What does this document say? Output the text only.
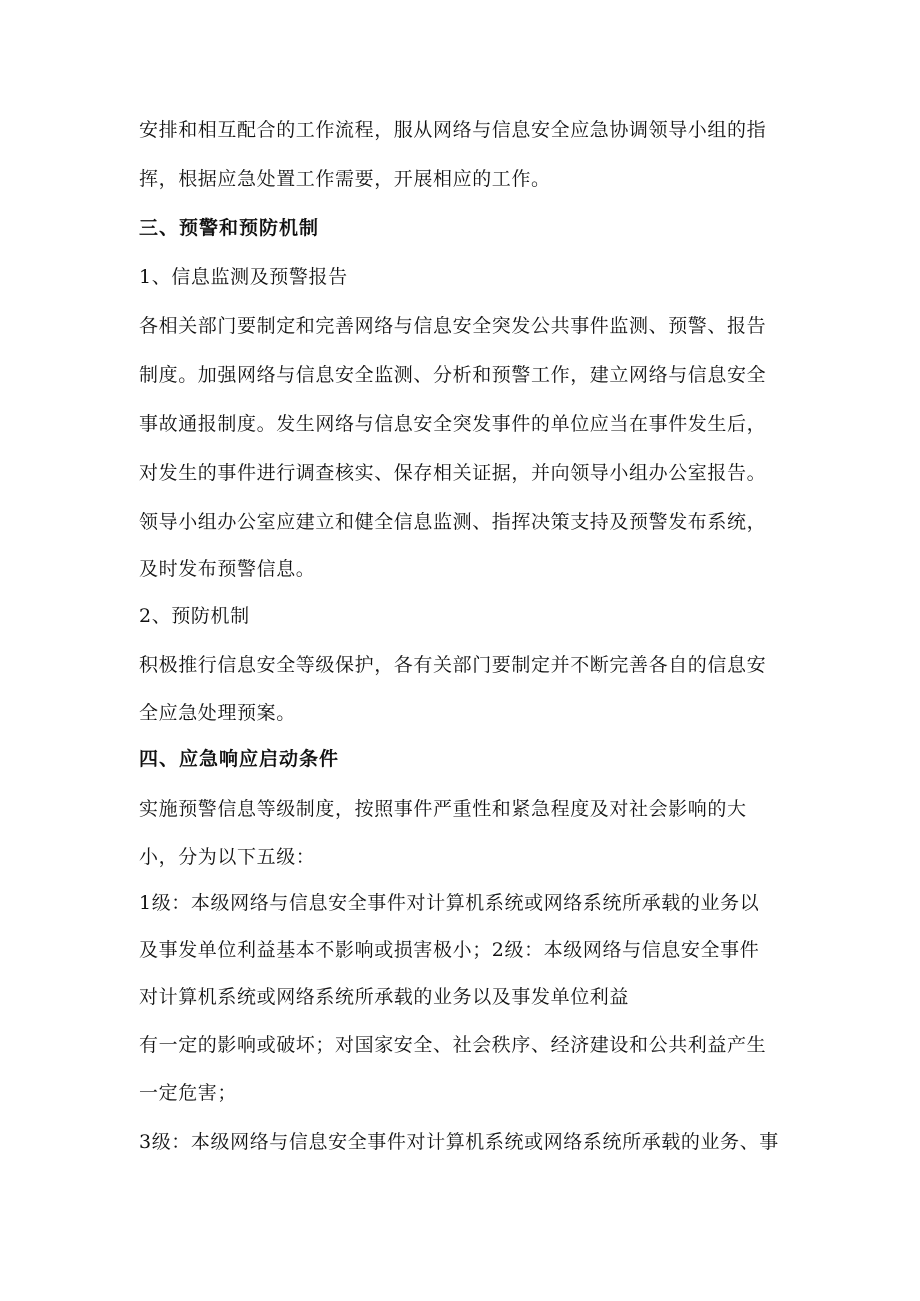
安排和相互配合的工作流程，服从网络与信息安全应急协调领导小组的指
挥，根据应急处置工作需要，开展相应的工作。
三、预警和预防机制
1、信息监测及预警报告
各相关部门要制定和完善网络与信息安全突发公共事件监测、预警、报告
制度。加强网络与信息安全监测、分析和预警工作，建立网络与信息安全
事故通报制度。发生网络与信息安全突发事件的单位应当在事件发生后，
对发生的事件进行调查核实、保存相关证据，并向领导小组办公室报告。
领导小组办公室应建立和健全信息监测、指挥决策支持及预警发布系统，
及时发布预警信息。
2、预防机制
积极推行信息安全等级保护，各有关部门要制定并不断完善各自的信息安
全应急处理预案。
四、应急响应启动条件
实施预警信息等级制度，按照事件严重性和紧急程度及对社会影响的大
小，分为以下五级：
1级：本级网络与信息安全事件对计算机系统或网络系统所承载的业务以
及事发单位利益基本不影响或损害极小；2级：本级网络与信息安全事件
对计算机系统或网络系统所承载的业务以及事发单位利益
有一定的影响或破坏；对国家安全、社会秩序、经济建设和公共利益产生
一定危害；
3级：本级网络与信息安全事件对计算机系统或网络系统所承载的业务、事
